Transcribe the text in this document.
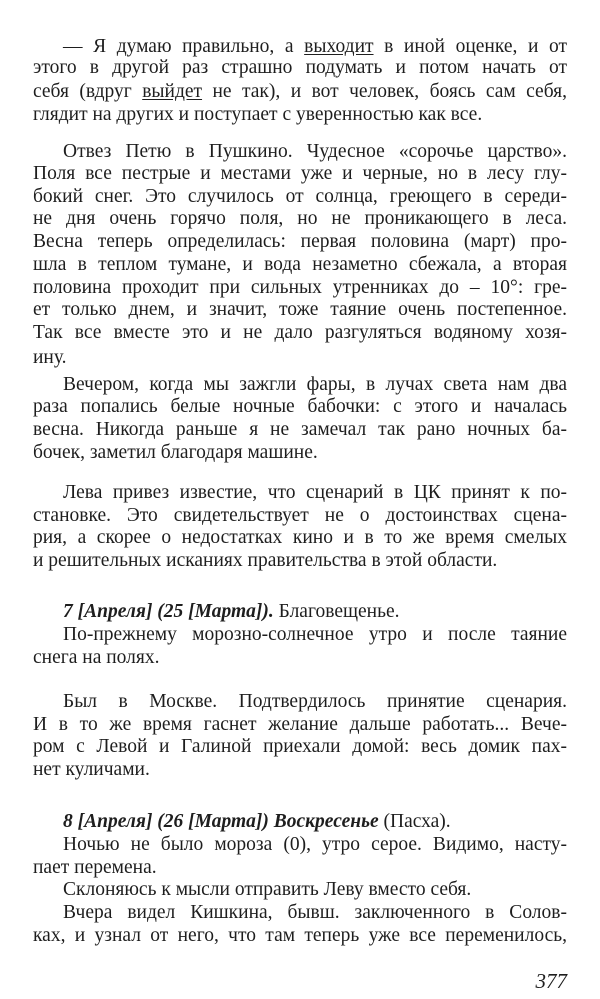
— Я думаю правильно, а выходит в иной оценке, и от
этого в другой раз страшно подумать и потом начать от
себя (вдруг выйдет не так), и вот человек, боясь сам себя,
глядит на других и поступает с уверенностью как все.
Отвез Петю в Пушкино. Чудесное «сорочье царство».
Поля все пестрые и местами уже и черные, но в лесу глу-
бокий снег. Это случилось от солнца, греющего в середи-
не дня очень горячо поля, но не проникающего в леса.
Весна теперь определилась: первая половина (март) про-
шла в теплом тумане, и вода незаметно сбежала, а вторая
половина проходит при сильных утренниках до – 10°: гре-
ет только днем, и значит, тоже таяние очень постепенное.
Так все вместе это и не дало разгуляться водяному хозя-
ину.
Вечером, когда мы зажгли фары, в лучах света нам два
раза попались белые ночные бабочки: с этого и началась
весна. Никогда раньше я не замечал так рано ночных ба-
бочек, заметил благодаря машине.
Лева привез известие, что сценарий в ЦК принят к по-
становке. Это свидетельствует не о достоинствах сцена-
рия, а скорее о недостатках кино и в то же время смелых
и решительных исканиях правительства в этой области.
7 [Апреля] (25 [Марта]). Благовещенье.
По-прежнему морозно-солнечное утро и после таяние
снега на полях.
Был в Москве. Подтвердилось принятие сценария.
И в то же время гаснет желание дальше работать... Вече-
ром с Левой и Галиной приехали домой: весь домик пах-
нет куличами.
8 [Апреля] (26 [Марта]) Воскресенье (Пасха).
Ночью не было мороза (0), утро серое. Видимо, насту-
пает перемена.
Склоняюсь к мысли отправить Леву вместо себя.
Вчера видел Кишкина, бывш. заключенного в Солов-
ках, и узнал от него, что там теперь уже все переменилось,
377
